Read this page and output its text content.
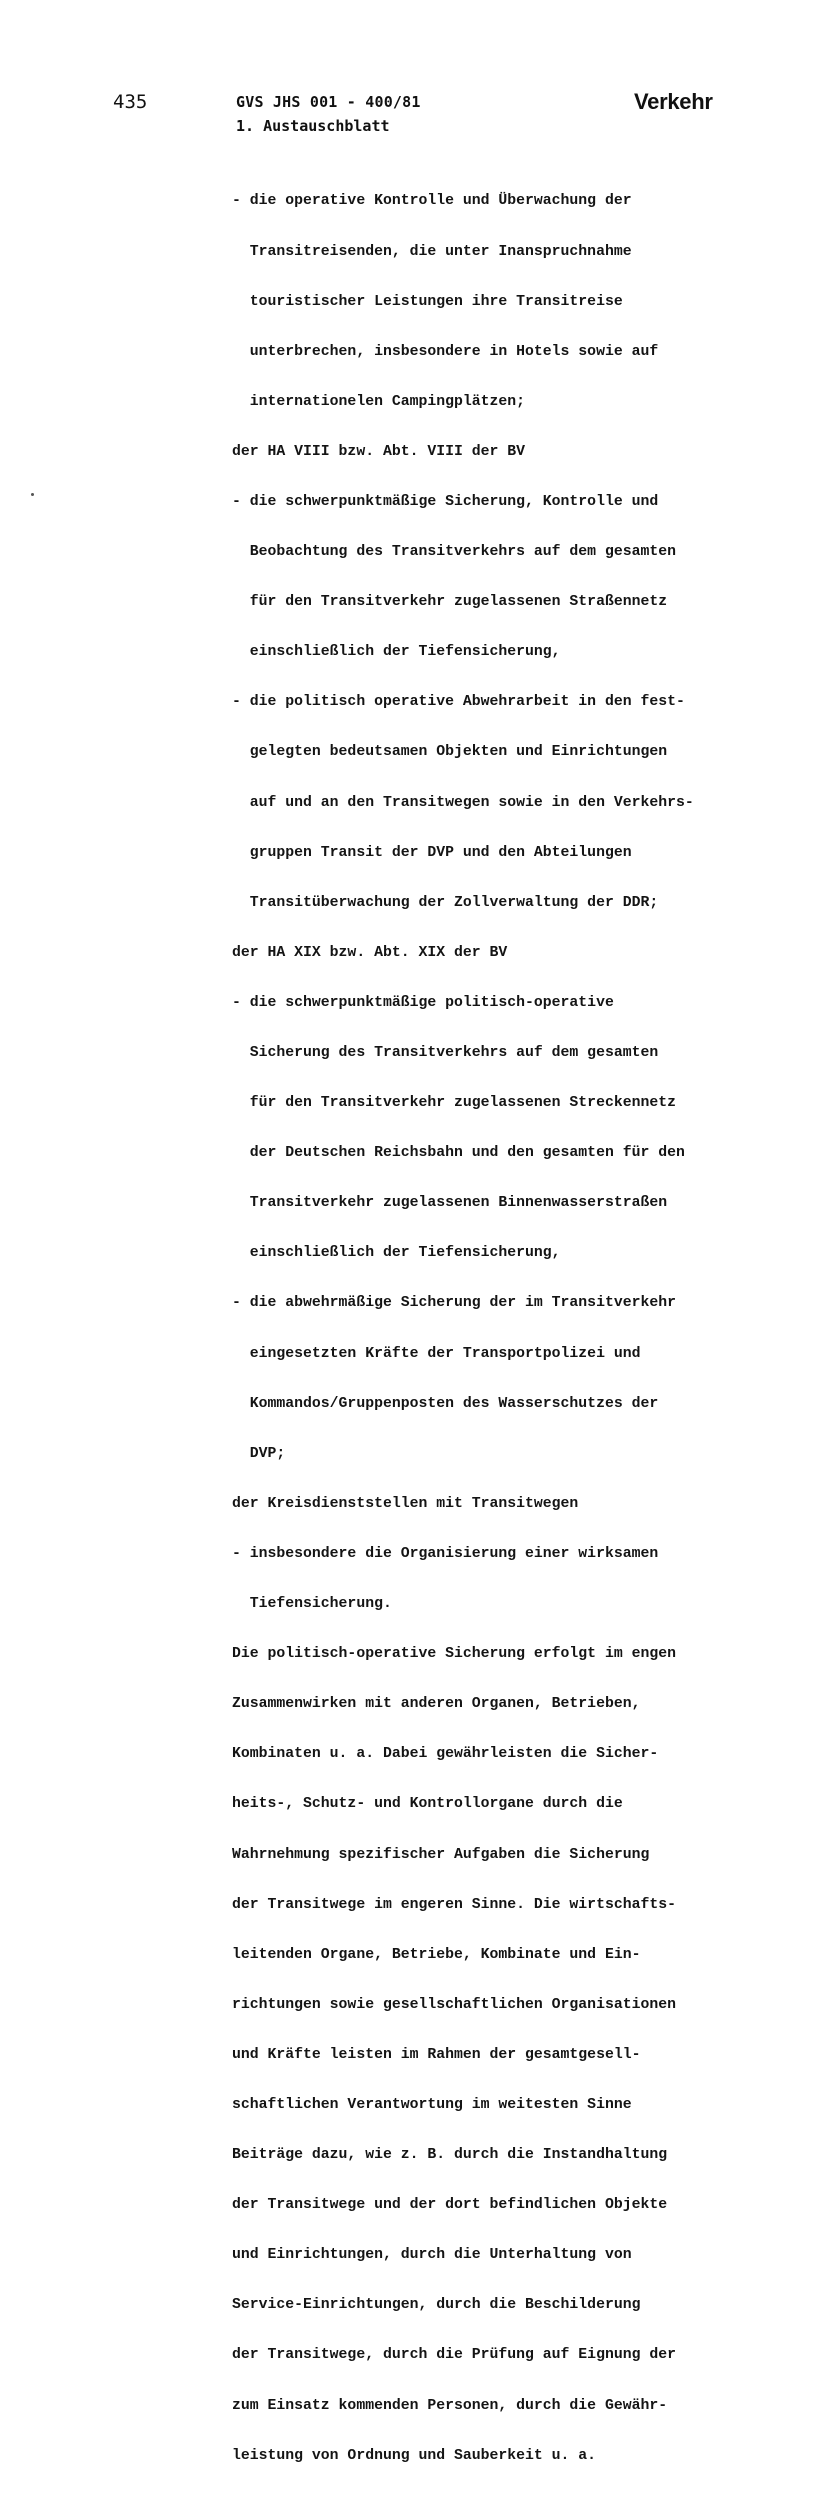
435	GVS JHS 001 - 400/81
1. Austauschblatt
Verkehr

- die operative Kontrolle und Überwachung der

Transitreisenden, die unter Inanspruchnahme

touristischer Leistungen ihre Transitreise

unterbrechen, insbesondere in Hotels sowie auf

internationelen Campingplätzen;

der HA VIII bzw. Abt. VIII der BV

- die schwerpunktmäßige Sicherung, Kontrolle und

Beobachtung des Transitverkehrs auf dem gesamten

für den Transitverkehr zugelassenen Straßennetz

einschließlich der Tiefensicherung,

- die politisch operative Abwehrarbeit in den fest-

gelegten bedeutsamen Objekten und Einrichtungen

auf und an den Transitwegen sowie in den Verkehrs-

gruppen Transit der DVP und den Abteilungen

Transitüberwachung der Zollverwaltung der DDR;

der HA XIX bzw. Abt. XIX der BV

- die schwerpunktmäßige politisch-operative

Sicherung des Transitverkehrs auf dem gesamten

für den Transitverkehr zugelassenen Streckennetz

der Deutschen Reichsbahn und den gesamten für den

Transitverkehr zugelassenen Binnenwasserstraßen

einschließlich der Tiefensicherung,

- die abwehrmäßige Sicherung der im Transitverkehr

eingesetzten Kräfte der Transportpolizei und

Kommandos/Gruppenposten des Wasserschutzes der

DVP;

der Kreisdienststellen mit Transitwegen

- insbesondere die Organisierung einer wirksamen

Tiefensicherung.

Die politisch-operative Sicherung erfolgt im engen

Zusammenwirken mit anderen Organen, Betrieben,

Kombinaten u. a. Dabei gewährleisten die Sicher-

heits-, Schutz- und Kontrollorgane durch die

Wahrnehmung spezifischer Aufgaben die Sicherung

der Transitwege im engeren Sinne. Die wirtschafts-

leitenden Organe, Betriebe, Kombinate und Ein-

richtungen sowie gesellschaftlichen Organisationen

und Kräfte leisten im Rahmen der gesamtgesell-

schaftlichen Verantwortung im weitesten Sinne

Beiträge dazu, wie z. B. durch die Instandhaltung

der Transitwege und der dort befindlichen Objekte

und Einrichtungen, durch die Unterhaltung von

Service-Einrichtungen, durch die Beschilderung

der Transitwege, durch die Prüfung auf Eignung der

zum Einsatz kommenden Personen, durch die Gewähr-

leistung von Ordnung und Sauberkeit u. a.
